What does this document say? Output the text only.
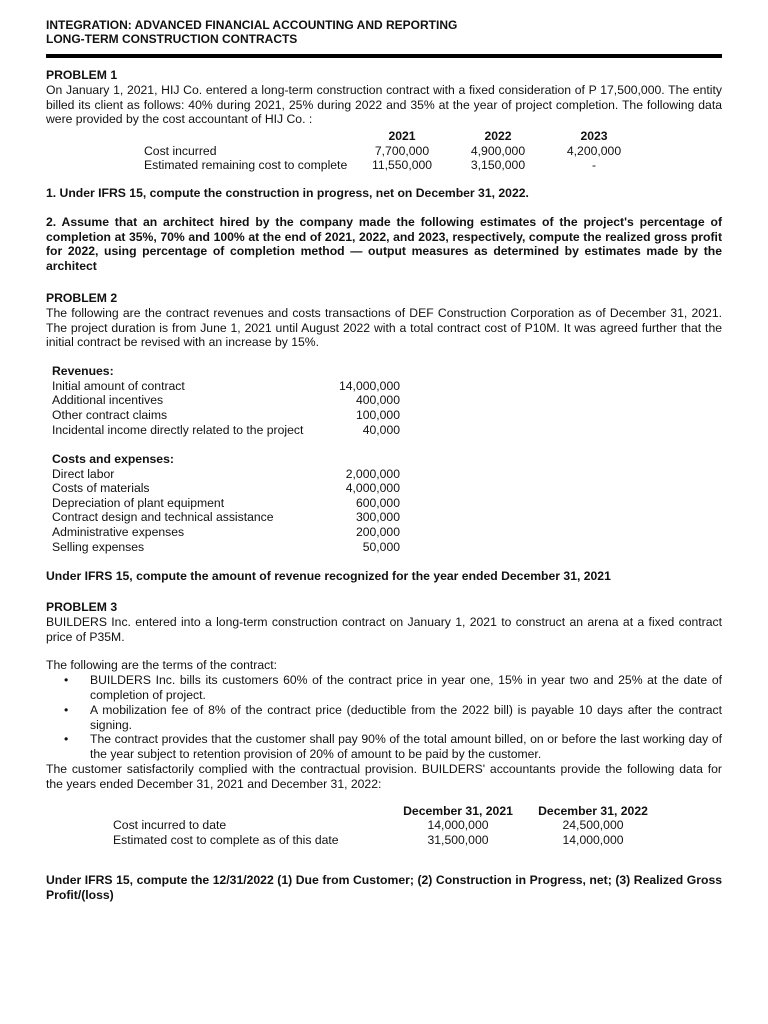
INTEGRATION: ADVANCED FINANCIAL ACCOUNTING AND REPORTING

LONG-TERM CONSTRUCTION CONTRACTS

PROBLEM 1

On January 1, 2021, HIJ Co. entered a long-term construction contract with a fixed consideration of P 17,500,000. The entity billed its client as follows: 40% during 2021, 25% during 2022 and 35% at the year of project completion. The following data were provided by the cost accountant of HIJ Co. :

	2021	2022	2023
Cost incurred	7,700,000	4,900,000	4,200,000
Estimated remaining cost to complete	11,550,000	3,150,000	-

1. Under IFRS 15, compute the construction in progress, net on December 31, 2022.

2. Assume that an architect hired by the company made the following estimates of the project's percentage of completion at 35%, 70% and 100% at the end of 2021, 2022, and 2023, respectively, compute the realized gross profit for 2022, using percentage of completion method — output measures as determined by estimates made by the architect

PROBLEM 2

The following are the contract revenues and costs transactions of DEF Construction Corporation as of December 31, 2021. The project duration is from June 1, 2021 until August 2022 with a total contract cost of P10M. It was agreed further that the initial contract be revised with an increase by 15%.

Revenues:	
Initial amount of contract	14,000,000
Additional incentives	400,000
Other contract claims	100,000
Incidental income directly related to the project	40,000
Costs and expenses:	
Direct labor	2,000,000
Costs of materials	4,000,000
Depreciation of plant equipment	600,000
Contract design and technical assistance	300,000
Administrative expenses	200,000
Selling expenses	50,000

Under IFRS 15, compute the amount of revenue recognized for the year ended December 31, 2021

PROBLEM 3

BUILDERS Inc. entered into a long-term construction contract on January 1, 2021 to construct an arena at a fixed contract price of P35M.

The following are the terms of the contract:

• BUILDERS Inc. bills its customers 60% of the contract price in year one, 15% in year two and 25% at the date of completion of project.
• A mobilization fee of 8% of the contract price (deductible from the 2022 bill) is payable 10 days after the contract signing.
• The contract provides that the customer shall pay 90% of the total amount billed, on or before the last working day of the year subject to retention provision of 20% of amount to be paid by the customer.

The customer satisfactorily complied with the contractual provision. BUILDERS' accountants provide the following data for the years ended December 31, 2021 and December 31, 2022:

	December 31, 2021	December 31, 2022
Cost incurred to date	14,000,000	24,500,000
Estimated cost to complete as of this date	31,500,000	14,000,000

Under IFRS 15, compute the 12/31/2022 (1) Due from Customer; (2) Construction in Progress, net; (3) Realized Gross Profit/(loss)
